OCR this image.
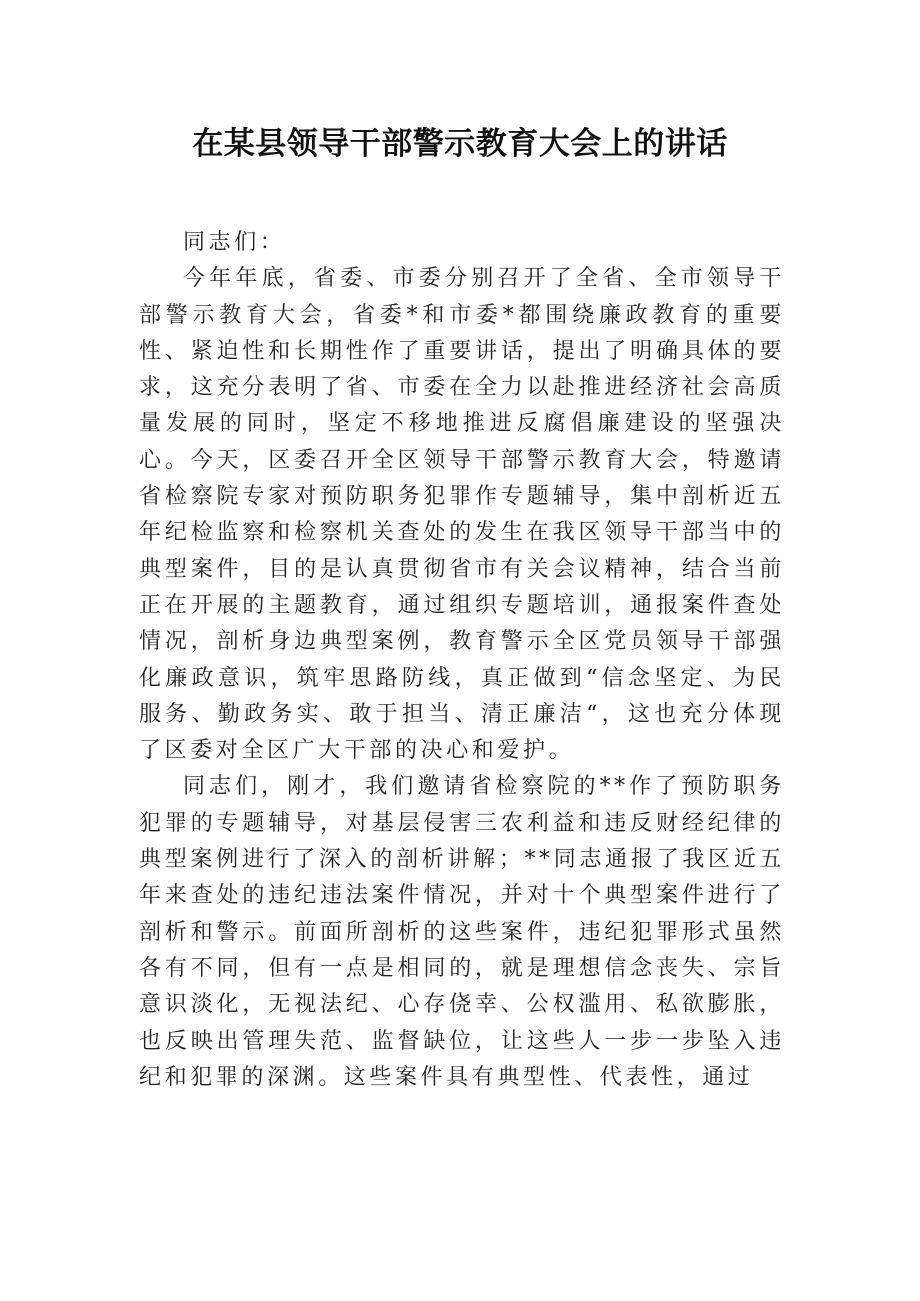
在某县领导干部警示教育大会上的讲话

同志们：

今年年底，省委、市委分别召开了全省、全市领导干部警示教育大会，省委*和市委*都围绕廉政教育的重要性、紧迫性和长期性作了重要讲话，提出了明确具体的要求，这充分表明了省、市委在全力以赴推进经济社会高质量发展的同时，坚定不移地推进反腐倡廉建设的坚强决心。今天，区委召开全区领导干部警示教育大会，特邀请省检察院专家对预防职务犯罪作专题辅导，集中剖析近五年纪检监察和检察机关查处的发生在我区领导干部当中的典型案件，目的是认真贯彻省市有关会议精神，结合当前正在开展的主题教育，通过组织专题培训，通报案件查处情况，剖析身边典型案例，教育警示全区党员领导干部强化廉政意识，筑牢思路防线，真正做到“信念坚定、为民服务、勤政务实、敢于担当、清正廉洁“，这也充分体现了区委对全区广大干部的决心和爱护。

同志们，刚才，我们邀请省检察院的**作了预防职务犯罪的专题辅导，对基层侵害三农利益和违反财经纪律的典型案例进行了深入的剖析讲解；**同志通报了我区近五年来查处的违纪违法案件情况，并对十个典型案件进行了剖析和警示。前面所剖析的这些案件，违纪犯罪形式虽然各有不同，但有一点是相同的，就是理想信念丧失、宗旨意识淡化，无视法纪、心存侥幸、公权滥用、私欲膨胀，也反映出管理失范、监督缺位，让这些人一步一步坠入违纪和犯罪的深渊。这些案件具有典型性、代表性，通过
